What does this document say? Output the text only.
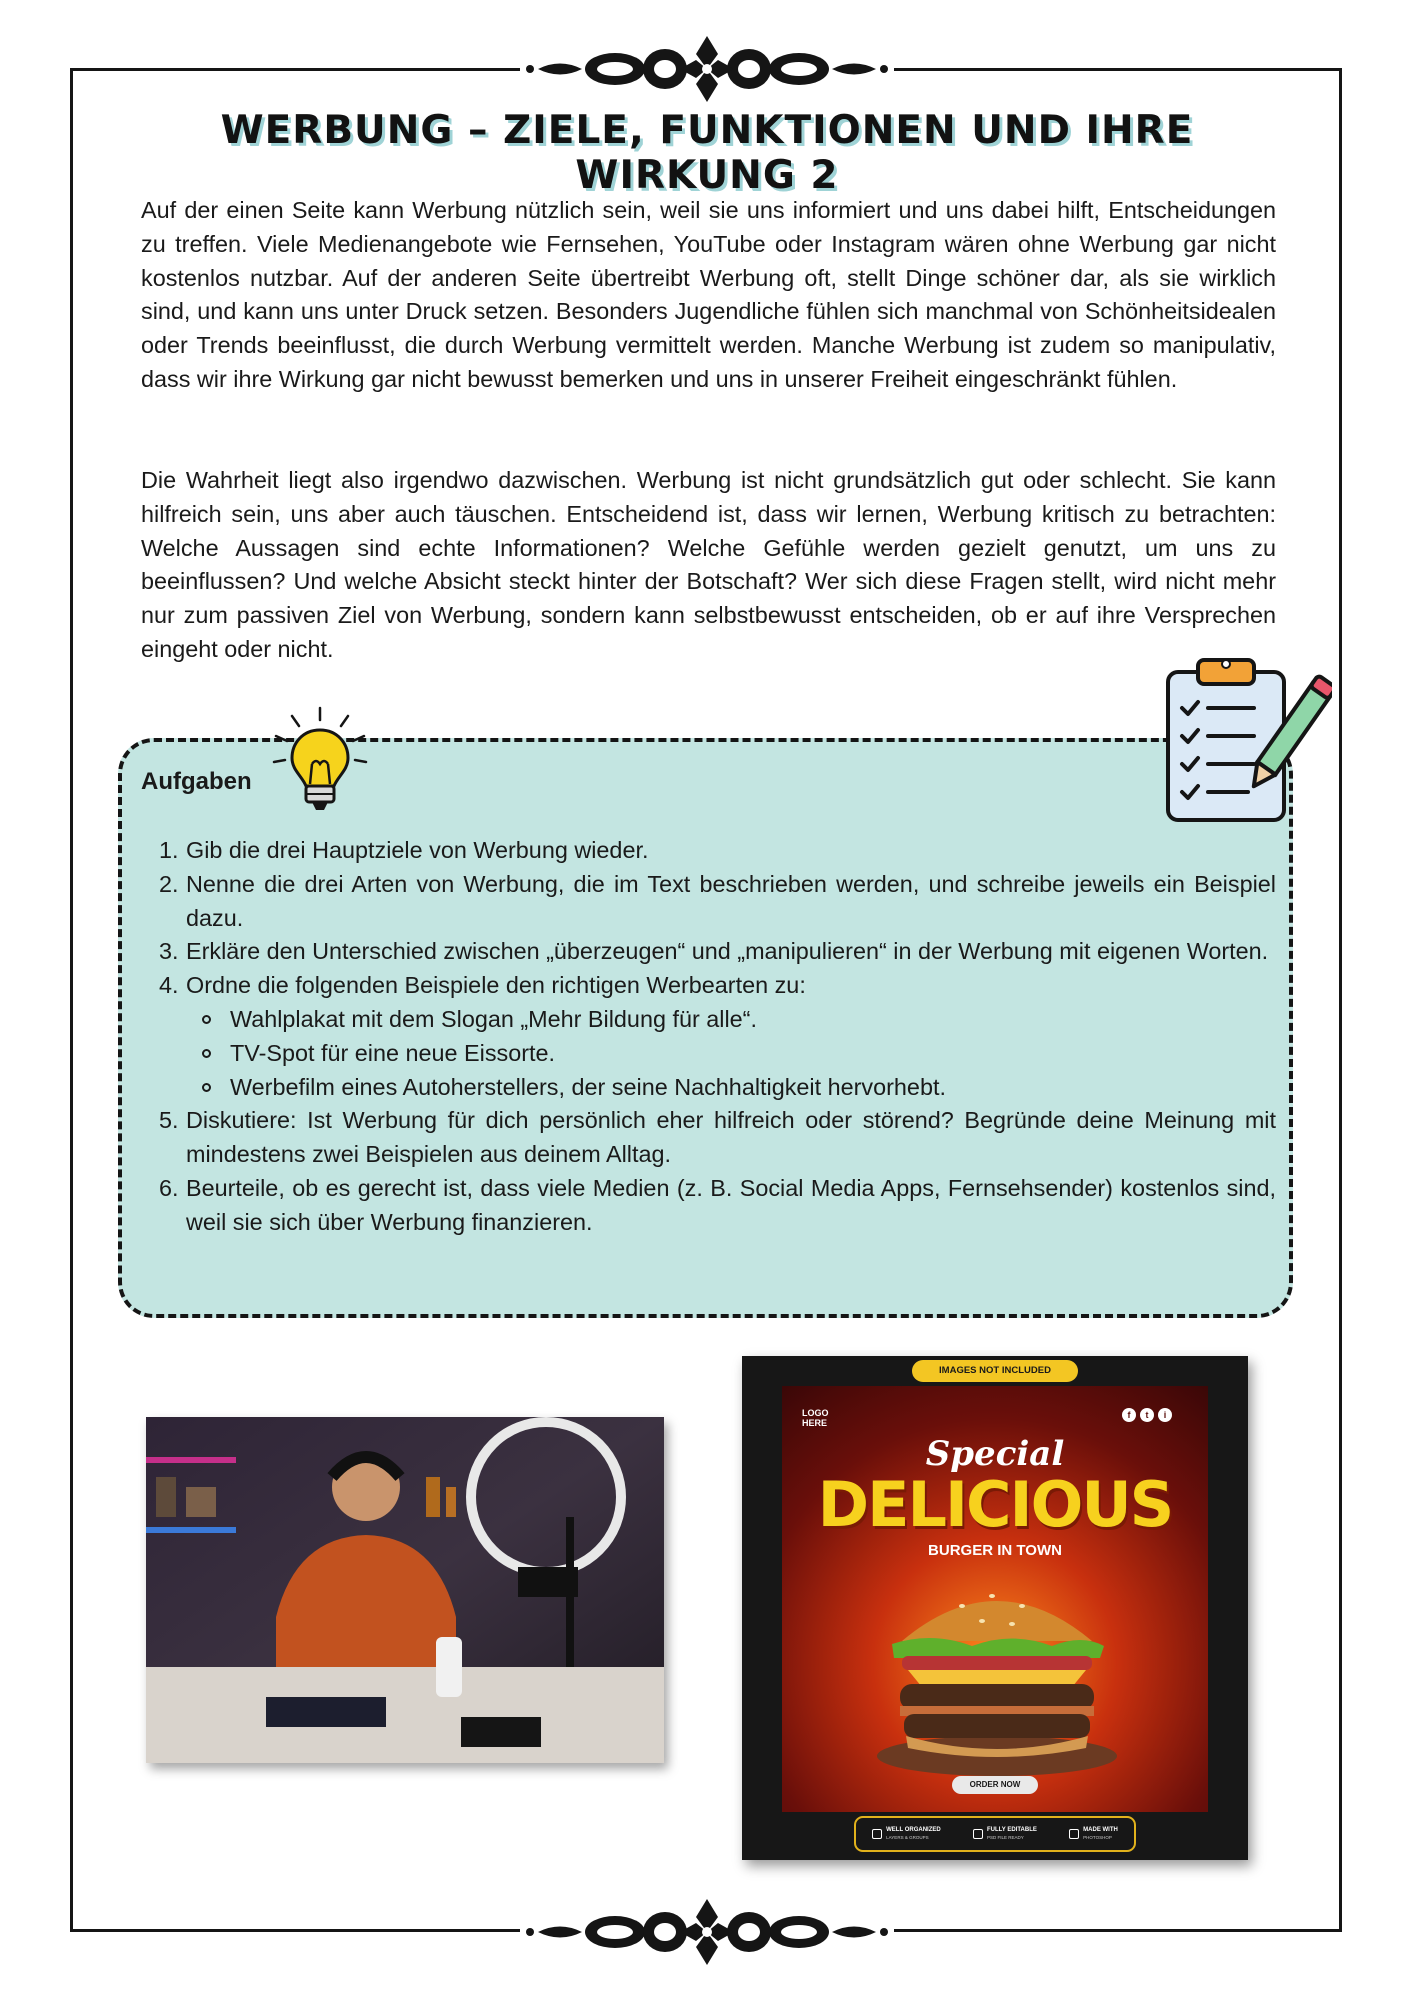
WERBUNG – ZIELE, FUNKTIONEN UND IHRE WIRKUNG 2

Auf der einen Seite kann Werbung nützlich sein, weil sie uns informiert und uns dabei hilft, Entscheidungen zu treffen. Viele Medienangebote wie Fernsehen, YouTube oder Instagram wären ohne Werbung gar nicht kostenlos nutzbar. Auf der anderen Seite übertreibt Werbung oft, stellt Dinge schöner dar, als sie wirklich sind, und kann uns unter Druck setzen. Besonders Jugendliche fühlen sich manchmal von Schönheitsidealen oder Trends beeinflusst, die durch Werbung vermittelt werden. Manche Werbung ist zudem so manipulativ, dass wir ihre Wirkung gar nicht bewusst bemerken und uns in unserer Freiheit eingeschränkt fühlen.

Die Wahrheit liegt also irgendwo dazwischen. Werbung ist nicht grundsätzlich gut oder schlecht. Sie kann hilfreich sein, uns aber auch täuschen. Entscheidend ist, dass wir lernen, Werbung kritisch zu betrachten: Welche Aussagen sind echte Informationen? Welche Gefühle werden gezielt genutzt, um uns zu beeinflussen? Und welche Absicht steckt hinter der Botschaft? Wer sich diese Fragen stellt, wird nicht mehr nur zum passiven Ziel von Werbung, sondern kann selbstbewusst entscheiden, ob er auf ihre Versprechen eingeht oder nicht.

Aufgaben
1. Gib die drei Hauptziele von Werbung wieder.
2. Nenne die drei Arten von Werbung, die im Text beschrieben werden, und schreibe jeweils ein Beispiel dazu.
3. Erkläre den Unterschied zwischen „überzeugen“ und „manipulieren“ in der Werbung mit eigenen Worten.
4. Ordne die folgenden Beispiele den richtigen Werbearten zu:
Wahlplakat mit dem Slogan „Mehr Bildung für alle“.
TV-Spot für eine neue Eissorte.
Werbefilm eines Autoherstellers, der seine Nachhaltigkeit hervorhebt.
5. Diskutiere: Ist Werbung für dich persönlich eher hilfreich oder störend? Begründe deine Meinung mit mindestens zwei Beispielen aus deinem Alltag.
6. Beurteile, ob es gerecht ist, dass viele Medien (z. B. Social Media Apps, Fernsehsender) kostenlos sind, weil sie sich über Werbung finanzieren.
IMAGES NOT INCLUDED
LOGO HERE
f	t	i
Special
DELICIOUS
BURGER IN TOWN
ORDER NOW
WELL ORGANIZED
LAYERS & GROUPS
FULLY EDITABLE
PSD FILE READY
MADE WITH
PHOTOSHOP
